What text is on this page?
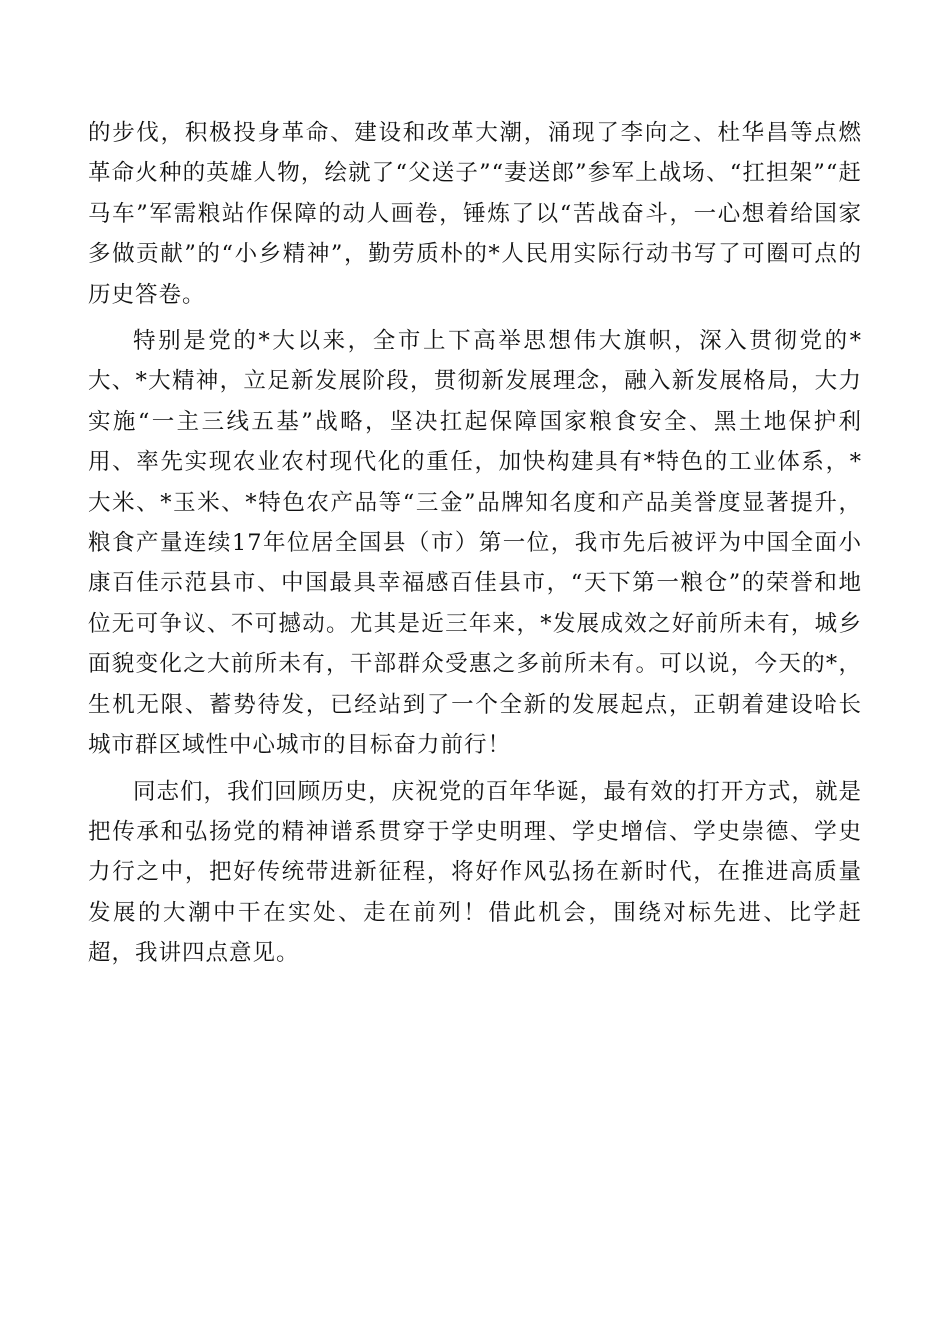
的步伐，积极投身革命、建设和改革大潮，涌现了李向之、杜华昌等点燃革命火种的英雄人物，绘就了“父送子”“妻送郎”参军上战场、“扛担架”“赶马车”军需粮站作保障的动人画卷，锤炼了以“苦战奋斗，一心想着给国家多做贡献”的“小乡精神”，勤劳质朴的*人民用实际行动书写了可圈可点的历史答卷。

特别是党的*大以来，全市上下高举思想伟大旗帜，深入贯彻党的*大、*大精神，立足新发展阶段，贯彻新发展理念，融入新发展格局，大力实施“一主三线五基”战略，坚决扛起保障国家粮食安全、黑土地保护利用、率先实现农业农村现代化的重任，加快构建具有*特色的工业体系，*大米、*玉米、*特色农产品等“三金”品牌知名度和产品美誉度显著提升，粮食产量连续17年位居全国县（市）第一位，我市先后被评为中国全面小康百佳示范县市、中国最具幸福感百佳县市，“天下第一粮仓”的荣誉和地位无可争议、不可撼动。尤其是近三年来，*发展成效之好前所未有，城乡面貌变化之大前所未有，干部群众受惠之多前所未有。可以说，今天的*，生机无限、蓄势待发，已经站到了一个全新的发展起点，正朝着建设哈长城市群区域性中心城市的目标奋力前行！

同志们，我们回顾历史，庆祝党的百年华诞，最有效的打开方式，就是把传承和弘扬党的精神谱系贯穿于学史明理、学史增信、学史崇德、学史力行之中，把好传统带进新征程，将好作风弘扬在新时代，在推进高质量发展的大潮中干在实处、走在前列！借此机会，围绕对标先进、比学赶超，我讲四点意见。
